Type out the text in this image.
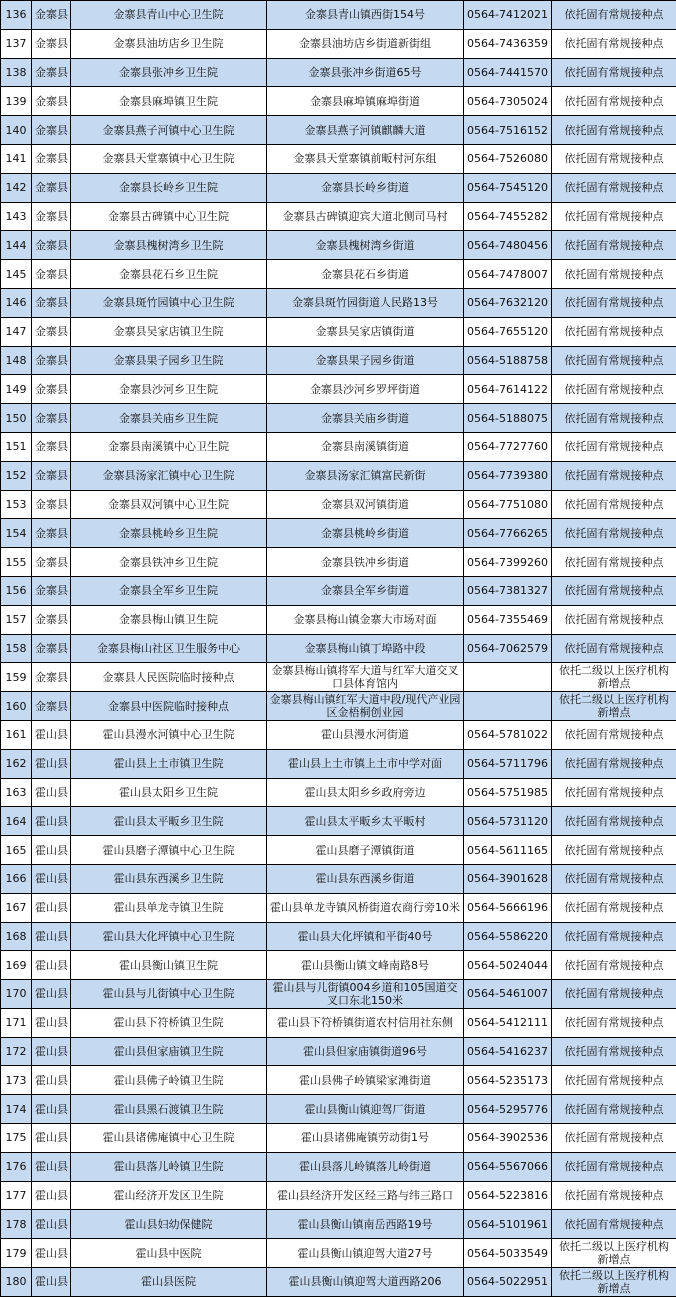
136	金寨县	金寨县青山中心卫生院	金寨县青山镇西街154号	0564-7412021	依托固有常规接种点
137	金寨县	金寨县油坊店乡卫生院	金寨县油坊店乡街道新街组	0564-7436359	依托固有常规接种点
138	金寨县	金寨县张冲乡卫生院	金寨县张冲乡街道65号	0564-7441570	依托固有常规接种点
139	金寨县	金寨县麻埠镇卫生院	金寨县麻埠镇麻埠街道	0564-7305024	依托固有常规接种点
140	金寨县	金寨县燕子河镇中心卫生院	金寨县燕子河镇麒麟大道	0564-7516152	依托固有常规接种点
141	金寨县	金寨县天堂寨镇中心卫生院	金寨县天堂寨镇前畈村河东组	0564-7526080	依托固有常规接种点
142	金寨县	金寨县长岭乡卫生院	金寨县长岭乡街道	0564-7545120	依托固有常规接种点
143	金寨县	金寨县古碑镇中心卫生院	金寨县古碑镇迎宾大道北侧司马村	0564-7455282	依托固有常规接种点
144	金寨县	金寨县槐树湾乡卫生院	金寨县槐树湾乡街道	0564-7480456	依托固有常规接种点
145	金寨县	金寨县花石乡卫生院	金寨县花石乡街道	0564-7478007	依托固有常规接种点
146	金寨县	金寨县斑竹园镇中心卫生院	金寨县斑竹园街道人民路13号	0564-7632120	依托固有常规接种点
147	金寨县	金寨县吴家店镇卫生院	金寨县吴家店镇街道	0564-7655120	依托固有常规接种点
148	金寨县	金寨县果子园乡卫生院	金寨县果子园乡街道	0564-5188758	依托固有常规接种点
149	金寨县	金寨县沙河乡卫生院	金寨县沙河乡罗坪街道	0564-7614122	依托固有常规接种点
150	金寨县	金寨县关庙乡卫生院	金寨县关庙乡街道	0564-5188075	依托固有常规接种点
151	金寨县	金寨县南溪镇中心卫生院	金寨县南溪镇街道	0564-7727760	依托固有常规接种点
152	金寨县	金寨县汤家汇镇中心卫生院	金寨县汤家汇镇富民新街	0564-7739380	依托固有常规接种点
153	金寨县	金寨县双河镇中心卫生院	金寨县双河镇街道	0564-7751080	依托固有常规接种点
154	金寨县	金寨县桃岭乡卫生院	金寨县桃岭乡街道	0564-7766265	依托固有常规接种点
155	金寨县	金寨县铁冲乡卫生院	金寨县铁冲乡街道	0564-7399260	依托固有常规接种点
156	金寨县	金寨县全军乡卫生院	金寨县全军乡街道	0564-7381327	依托固有常规接种点
157	金寨县	金寨县梅山镇卫生院	金寨县梅山镇金寨大市场对面	0564-7355469	依托固有常规接种点
158	金寨县	金寨县梅山社区卫生服务中心	金寨县梅山镇丁埠路中段	0564-7062579	依托固有常规接种点
159	金寨县	金寨县人民医院临时接种点	金寨县梅山镇将军大道与红军大道交叉口县体育馆内		依托二级以上医疗机构新增点
160	金寨县	金寨县中医院临时接种点	金寨县梅山镇红军大道中段/现代产业园区金梧桐创业园		依托二级以上医疗机构新增点
161	霍山县	霍山县漫水河镇中心卫生院	霍山县漫水河街道	0564-5781022	依托固有常规接种点
162	霍山县	霍山县上土市镇卫生院	霍山县上土市镇上土市中学对面	0564-5711796	依托固有常规接种点
163	霍山县	霍山县太阳乡卫生院	霍山县太阳乡乡政府旁边	0564-5751985	依托固有常规接种点
164	霍山县	霍山县太平畈乡卫生院	霍山县太平畈乡太平畈村	0564-5731120	依托固有常规接种点
165	霍山县	霍山县磨子潭镇中心卫生院	霍山县磨子潭镇街道	0564-5611165	依托固有常规接种点
166	霍山县	霍山县东西溪乡卫生院	霍山县东西溪乡街道	0564-3901628	依托固有常规接种点
167	霍山县	霍山县单龙寺镇卫生院	霍山县单龙寺镇风桥街道农商行旁10米	0564-5666196	依托固有常规接种点
168	霍山县	霍山县大化坪镇中心卫生院	霍山县大化坪镇和平街40号	0564-5586220	依托固有常规接种点
169	霍山县	霍山县衡山镇卫生院	霍山县衡山镇文峰南路8号	0564-5024044	依托固有常规接种点
170	霍山县	霍山县与儿街镇中心卫生院	霍山县与儿街镇004乡道和105国道交叉口东北150米	0564-5461007	依托固有常规接种点
171	霍山县	霍山县下符桥镇卫生院	霍山县下符桥镇街道农村信用社东侧	0564-5412111	依托固有常规接种点
172	霍山县	霍山县但家庙镇卫生院	霍山县但家庙镇街道96号	0564-5416237	依托固有常规接种点
173	霍山县	霍山县佛子岭镇卫生院	霍山县佛子岭镇梁家滩街道	0564-5235173	依托固有常规接种点
174	霍山县	霍山县黑石渡镇卫生院	霍山县衡山镇迎驾厂街道	0564-5295776	依托固有常规接种点
175	霍山县	霍山县诸佛庵镇中心卫生院	霍山县诸佛庵镇劳动街1号	0564-3902536	依托固有常规接种点
176	霍山县	霍山县落儿岭镇卫生院	霍山县落儿岭镇落儿岭街道	0564-5567066	依托固有常规接种点
177	霍山县	霍山经济开发区卫生院	霍山县经济开发区经三路与纬三路口	0564-5223816	依托固有常规接种点
178	霍山县	霍山县妇幼保健院	霍山县衡山镇南岳西路19号	0564-5101961	依托固有常规接种点
179	霍山县	霍山县中医院	霍山县衡山镇迎驾大道27号	0564-5033549	依托二级以上医疗机构新增点
180	霍山县	霍山县医院	霍山县衡山镇迎驾大道西路206	0564-5022951	依托二级以上医疗机构新增点
